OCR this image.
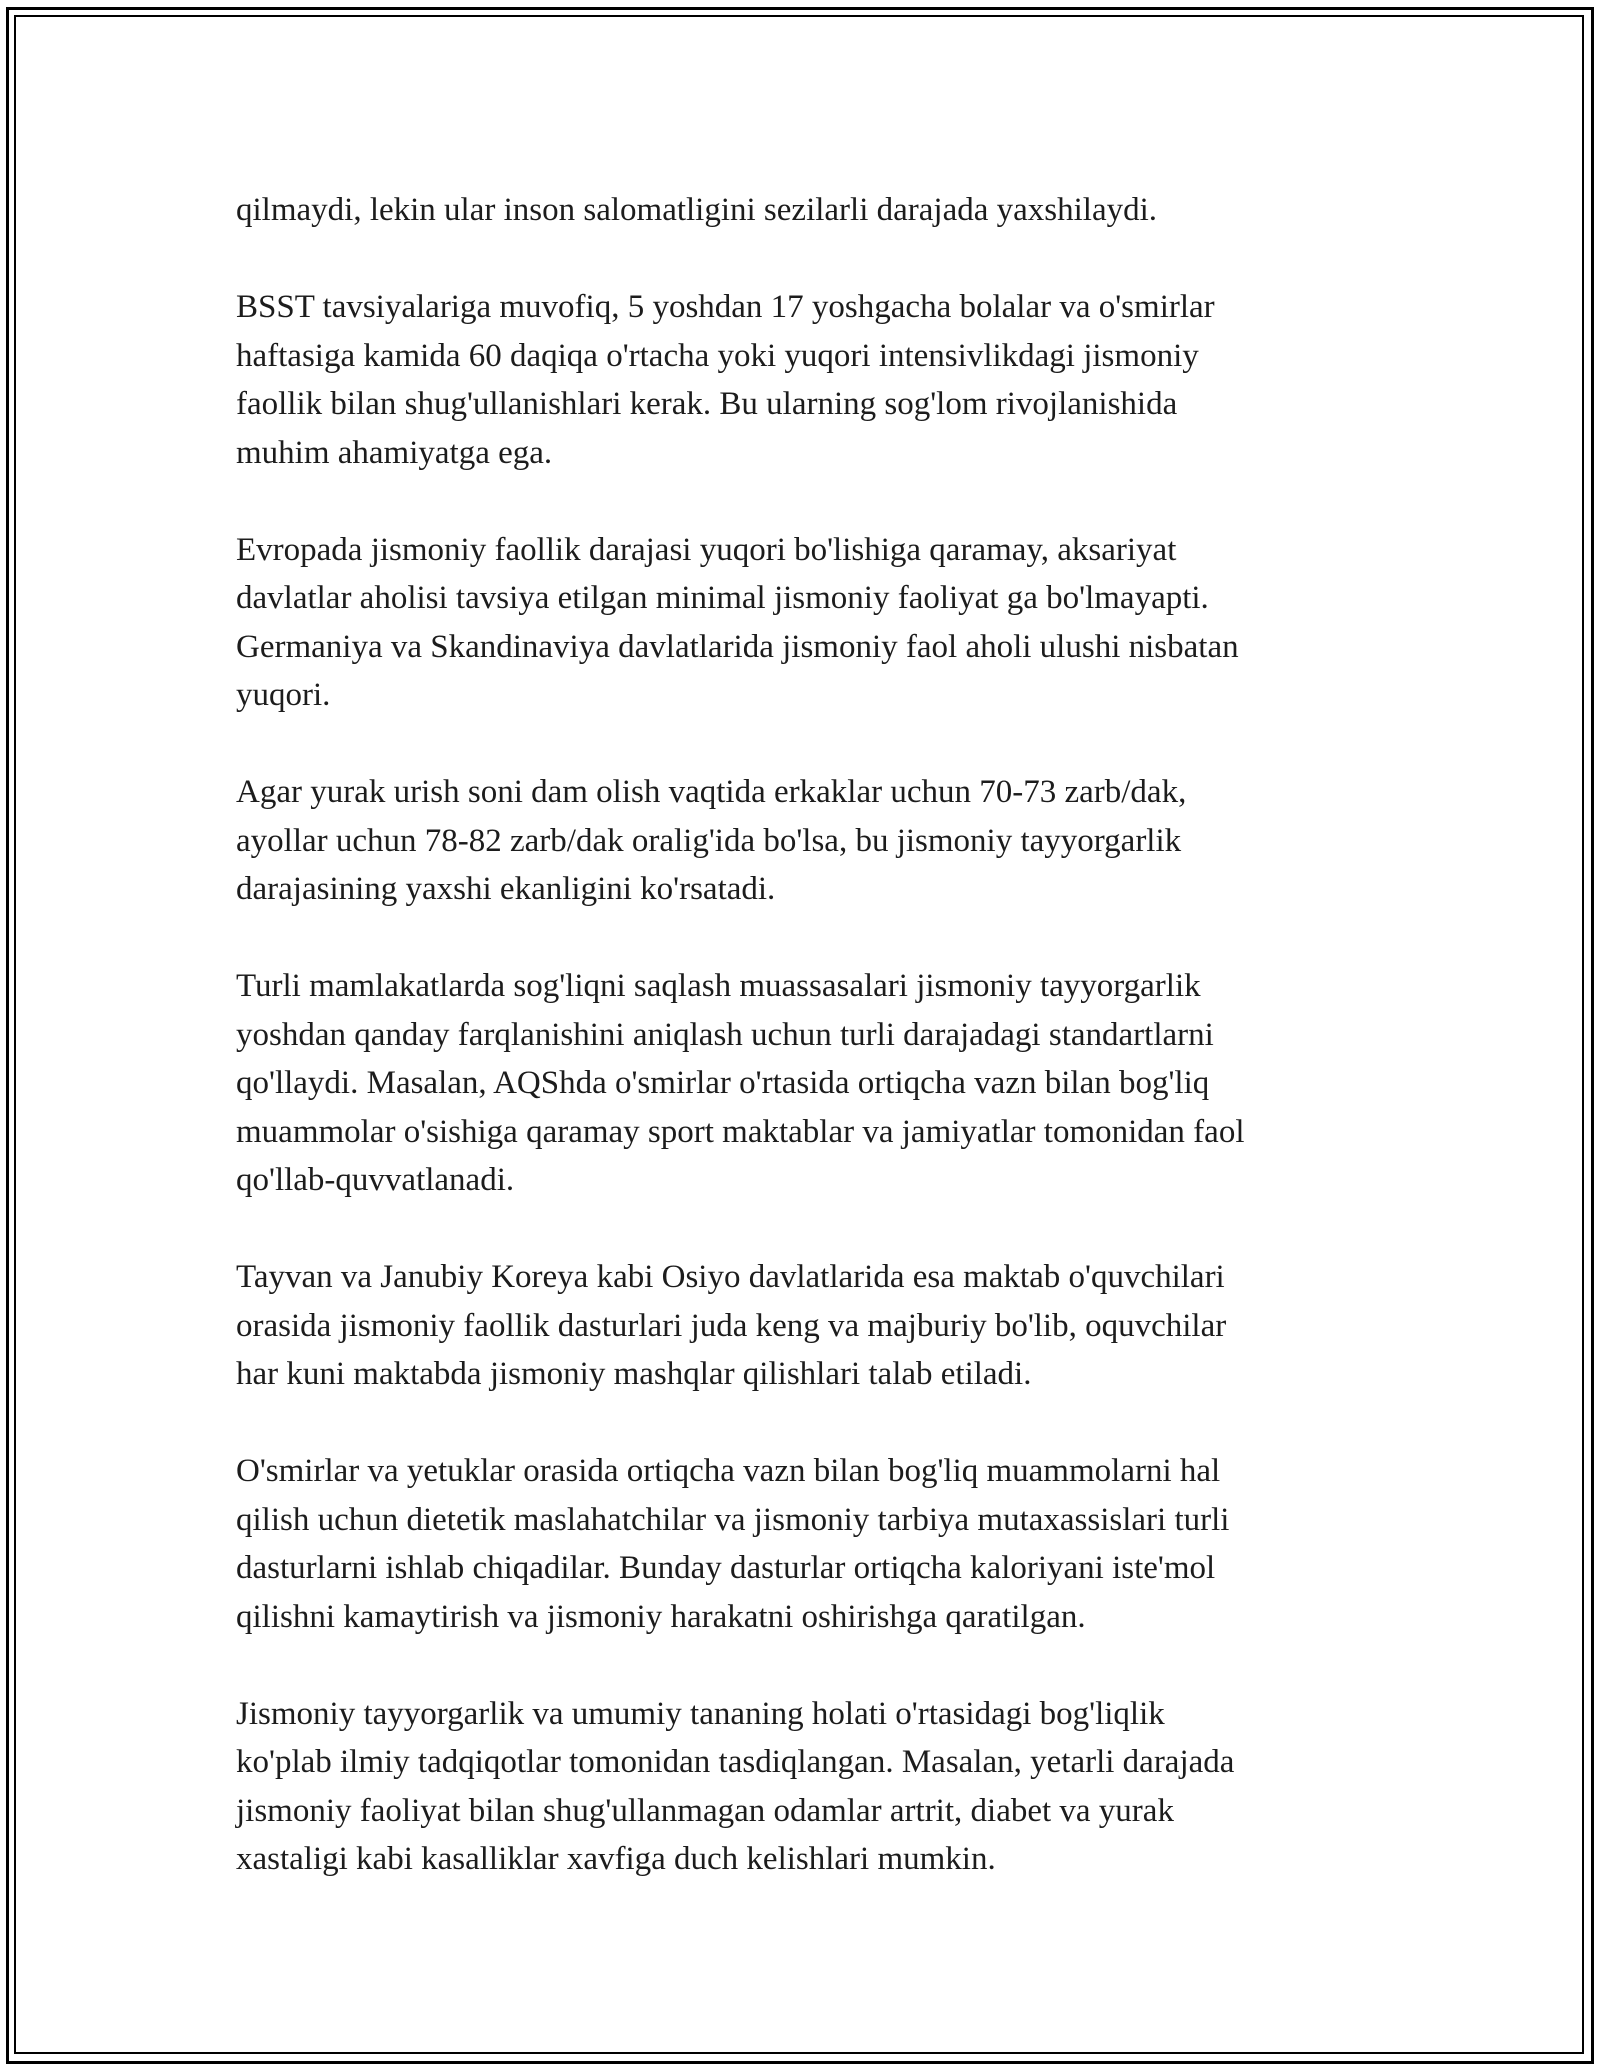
qilmaydi, lekin ular inson salomatligini sezilarli darajada yaxshilaydi.

BSST tavsiyalariga muvofiq, 5 yoshdan 17 yoshgacha bolalar va o'smirlar
haftasiga kamida 60 daqiqa o'rtacha yoki yuqori intensivlikdagi jismoniy
faollik bilan shug'ullanishlari kerak. Bu ularning sog'lom rivojlanishida
muhim ahamiyatga ega.

Evropada jismoniy faollik darajasi yuqori bo'lishiga qaramay, aksariyat
davlatlar aholisi tavsiya etilgan minimal jismoniy faoliyat ga bo'lmayapti.
Germaniya va Skandinaviya davlatlarida jismoniy faol aholi ulushi nisbatan
yuqori.

Agar yurak urish soni dam olish vaqtida erkaklar uchun 70-73 zarb/dak,
ayollar uchun 78-82 zarb/dak oralig'ida bo'lsa, bu jismoniy tayyorgarlik
darajasining yaxshi ekanligini ko'rsatadi.

Turli mamlakatlarda sog'liqni saqlash muassasalari jismoniy tayyorgarlik
yoshdan qanday farqlanishini aniqlash uchun turli darajadagi standartlarni
qo'llaydi. Masalan, AQShda o'smirlar o'rtasida ortiqcha vazn bilan bog'liq
muammolar o'sishiga qaramay sport maktablar va jamiyatlar tomonidan faol
qo'llab-quvvatlanadi.

Tayvan va Janubiy Koreya kabi Osiyo davlatlarida esa maktab o'quvchilari
orasida jismoniy faollik dasturlari juda keng va majburiy bo'lib, oquvchilar
har kuni maktabda jismoniy mashqlar qilishlari talab etiladi.

O'smirlar va yetuklar orasida ortiqcha vazn bilan bog'liq muammolarni hal
qilish uchun dietetik maslahatchilar va jismoniy tarbiya mutaxassislari turli
dasturlarni ishlab chiqadilar. Bunday dasturlar ortiqcha kaloriyani iste'mol
qilishni kamaytirish va jismoniy harakatni oshirishga qaratilgan.

Jismoniy tayyorgarlik va umumiy tananing holati o'rtasidagi bog'liqlik
ko'plab ilmiy tadqiqotlar tomonidan tasdiqlangan. Masalan, yetarli darajada
jismoniy faoliyat bilan shug'ullanmagan odamlar artrit, diabet va yurak
xastaligi kabi kasalliklar xavfiga duch kelishlari mumkin.
